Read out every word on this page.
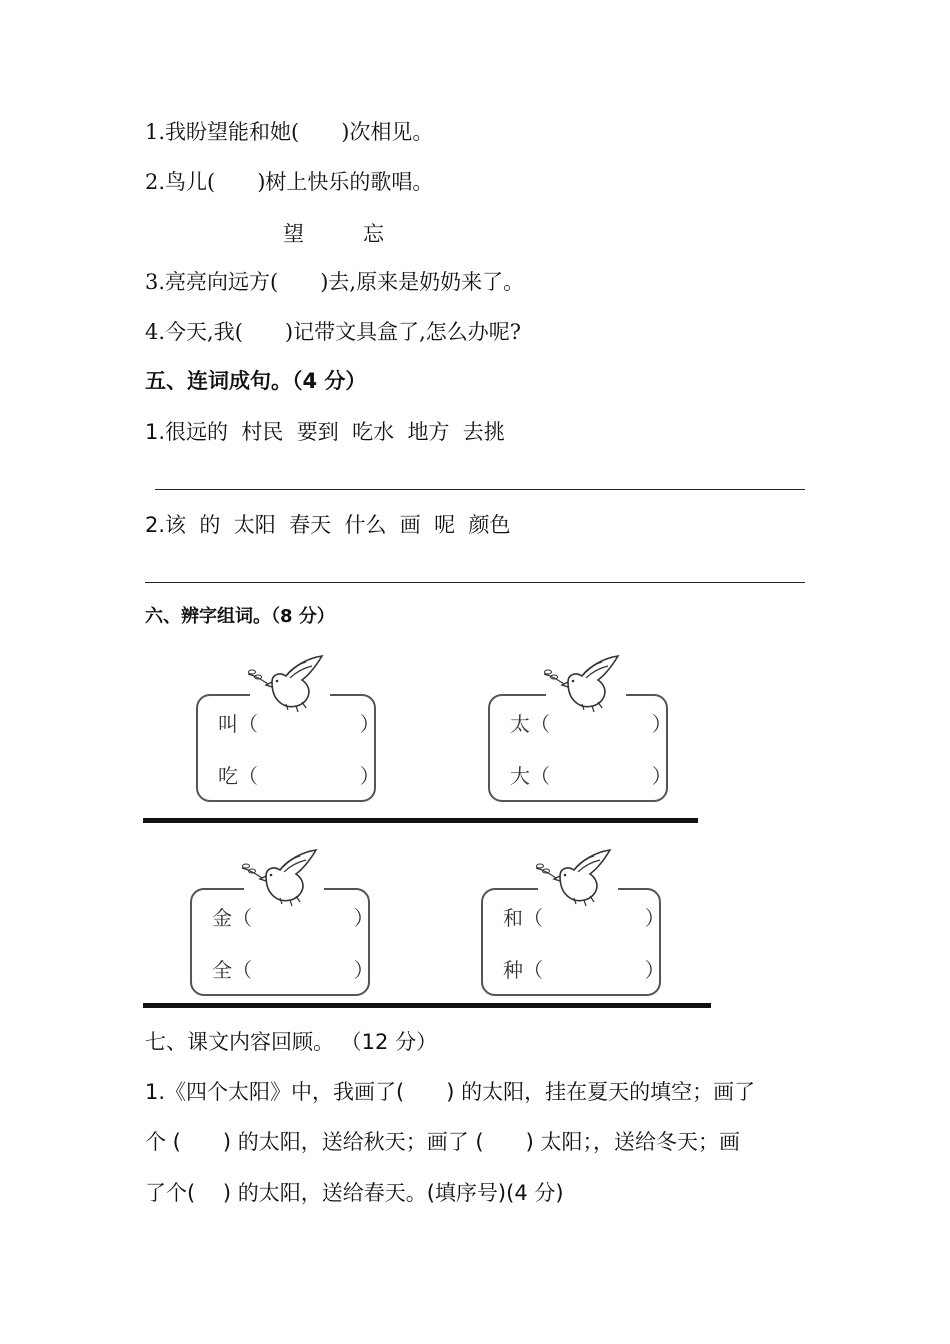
1.我盼望能和她(　　)次相见。
2.鸟儿(　　)树上快乐的歌唱。
望	忘
3.亮亮向远方(　　)去,原来是奶奶来了。
4.今天,我(　　)记带文具盒了,怎么办呢?
五、连词成句。（4 分）
1.很远的  村民  要到  吃水  地方  去挑
2.该  的  太阳  春天  什么  画  呢  颜色
六、辨字组词。（8 分）
叫（	）
吃（	）
太（	）
大（	）
金（	）
全（	）
和（	）
种（	）
七、课文内容回顾。 （12 分）
1.《四个太阳》中，我画了(　　) 的太阳，挂在夏天的填空；画了
个 (　　) 的太阳，送给秋天；画了 (　　) 太阳；，送给冬天；画
了个(　 ) 的太阳，送给春天。(填序号)(4 分)
